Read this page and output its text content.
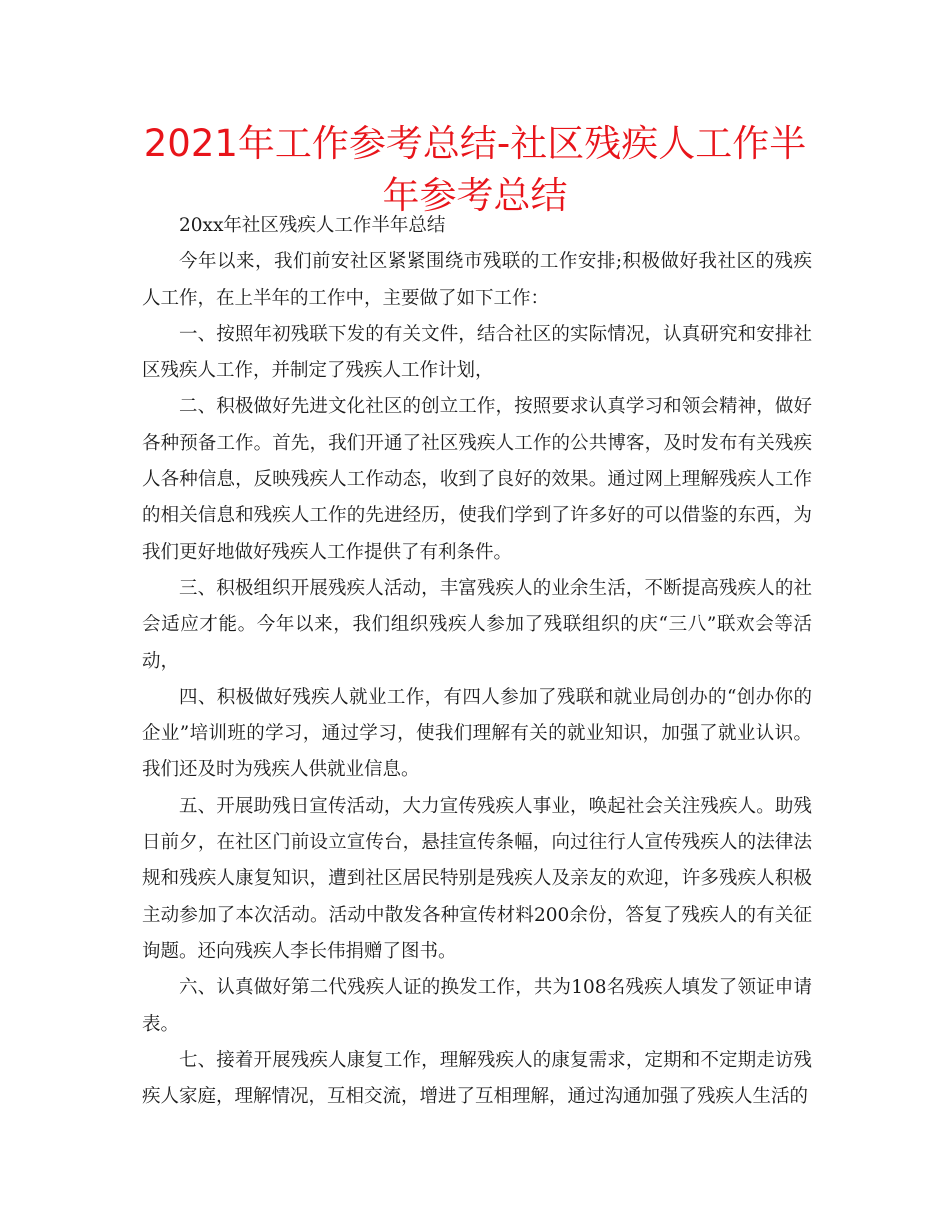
2021年工作参考总结-社区残疾人工作半年参考总结

20xx年社区残疾人工作半年总结

今年以来，我们前安社区紧紧围绕市残联的工作安排;积极做好我社区的残疾人工作，在上半年的工作中，主要做了如下工作：

一、按照年初残联下发的有关文件，结合社区的实际情况，认真研究和安排社区残疾人工作，并制定了残疾人工作计划，

二、积极做好先进文化社区的创立工作，按照要求认真学习和领会精神，做好各种预备工作。首先，我们开通了社区残疾人工作的公共博客，及时发布有关残疾人各种信息，反映残疾人工作动态，收到了良好的效果。通过网上理解残疾人工作的相关信息和残疾人工作的先进经历，使我们学到了许多好的可以借鉴的东西，为我们更好地做好残疾人工作提供了有利条件。

三、积极组织开展残疾人活动，丰富残疾人的业余生活，不断提高残疾人的社会适应才能。今年以来，我们组织残疾人参加了残联组织的庆“三八”联欢会等活动，

四、积极做好残疾人就业工作，有四人参加了残联和就业局创办的“创办你的企业”培训班的学习，通过学习，使我们理解有关的就业知识，加强了就业认识。我们还及时为残疾人供就业信息。

五、开展助残日宣传活动，大力宣传残疾人事业，唤起社会关注残疾人。助残日前夕，在社区门前设立宣传台，悬挂宣传条幅，向过往行人宣传残疾人的法律法规和残疾人康复知识，遭到社区居民特别是残疾人及亲友的欢迎，许多残疾人积极主动参加了本次活动。活动中散发各种宣传材料200余份，答复了残疾人的有关征询题。还向残疾人李长伟捐赠了图书。

六、认真做好第二代残疾人证的换发工作，共为108名残疾人填发了领证申请表。

七、接着开展残疾人康复工作，理解残疾人的康复需求，定期和不定期走访残疾人家庭，理解情况，互相交流，增进了互相理解，通过沟通加强了残疾人生活的
